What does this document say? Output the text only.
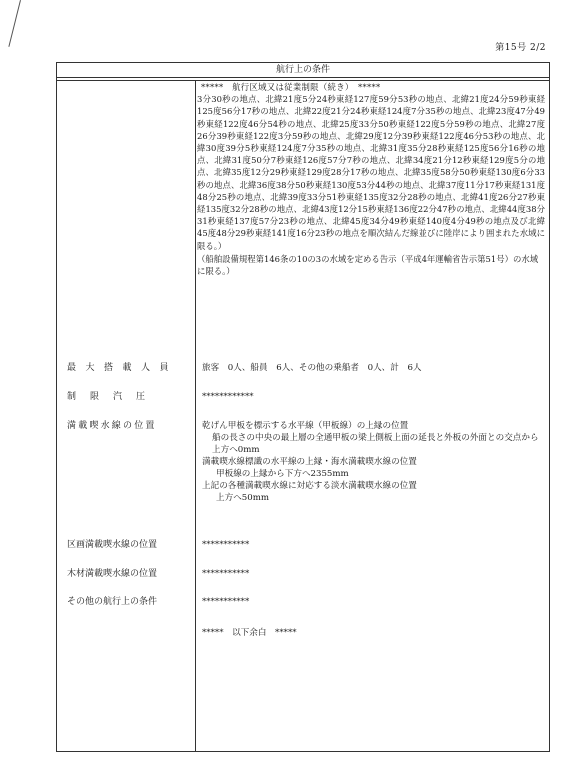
第15号 2/2
航行上の条件
*****　航行区域又は従業制限（続き）　*****
3分30秒の地点、北緯21度5分24秒東経127度59分53秒の地点、北緯21度24分59秒東経125度56分17秒の地点、北緯22度21分24秒東経124度7分35秒の地点、北緯23度47分49秒東経122度46分54秒の地点、北緯25度33分50秒東経122度5分59秒の地点、北緯27度26分39秒東経122度3分59秒の地点、北緯29度12分39秒東経122度46分53秒の地点、北緯30度39分5秒東経124度7分35秒の地点、北緯31度35分28秒東経125度56分16秒の地点、北緯31度50分7秒東経126度57分7秒の地点、北緯34度21分12秒東経129度5分の地点、北緯35度12分29秒東経129度28分17秒の地点、北緯35度58分50秒東経130度6分33秒の地点、北緯36度38分50秒東経130度53分44秒の地点、北緯37度11分17秒東経131度48分25秒の地点、北緯39度33分51秒東経135度32分28秒の地点、北緯41度26分27秒東経135度32分28秒の地点、北緯43度12分15秒東経136度22分47秒の地点、北緯44度38分31秒東経137度57分23秒の地点、北緯45度34分49秒東経140度4分49秒の地点及び北緯45度48分29秒東経141度16分23秒の地点を順次結んだ線並びに陸岸により囲まれた水域に限る。）
（船舶設備規程第146条の10の3の水域を定める告示（平成4年運輸省告示第51号）の水域に限る。）
最大搭載人員	旅客　0人、船員　6人、その他の乗船者　0人、計　6人
制限汽圧	************
満載喫水線の位置	乾げん甲板を標示する水平線（甲板線）の上縁の位置
船の長さの中央の最上層の全通甲板の梁上側板上面の延長と外板の外面との交点から上方へ0mm
満載喫水線標識の水平線の上縁・海水満載喫水線の位置
甲板線の上縁から下方へ2355mm
上記の各種満載喫水線に対応する淡水満載喫水線の位置
上方へ50mm
区画満載喫水線の位置	***********
木材満載喫水線の位置	***********
その他の航行上の条件	***********
*****　以下余白　*****
